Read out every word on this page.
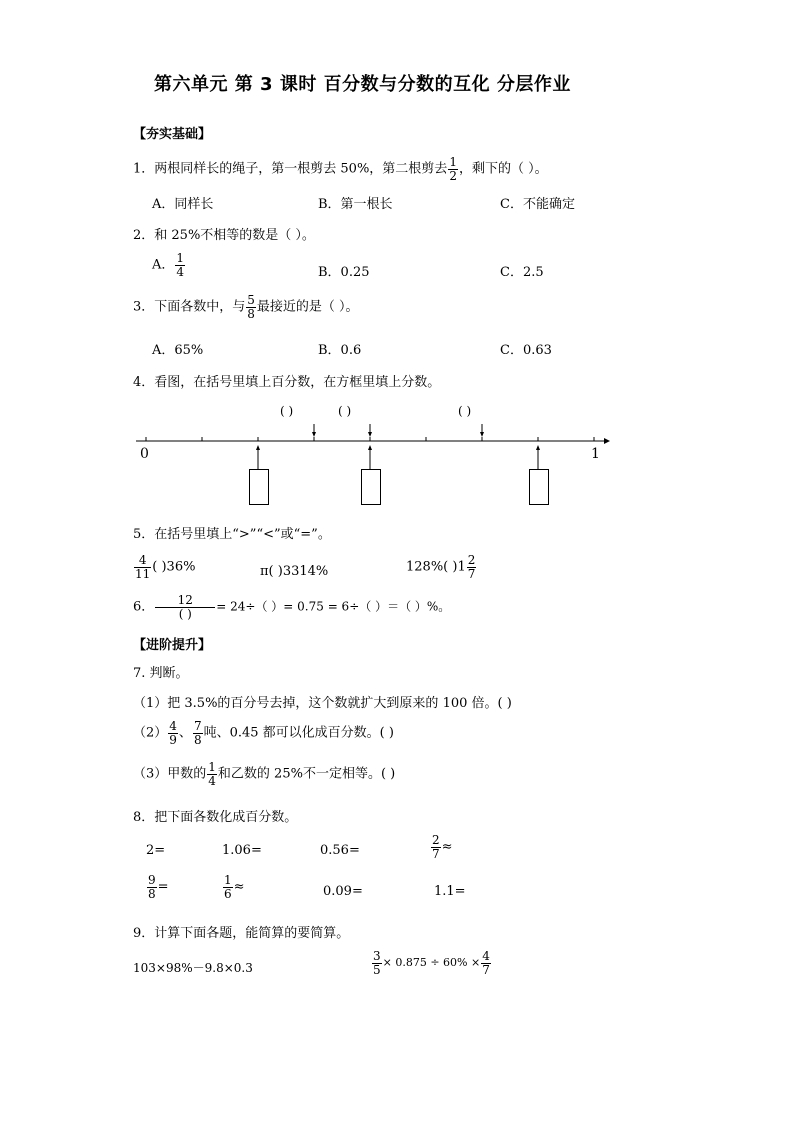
第六单元 第 3 课时 百分数与分数的互化 分层作业
【夯实基础】
1．两根同样长的绳子，第一根剪去 50%，第二根剪去 $\frac{1}{2}$ ，剩下的（ ）。
A．同样长	B．第一根长	C．不能确定
2．和 25%不相等的数是（ ）。
A． $\frac{1}{4}$	B．0.25	C．2.5
3．下面各数中，与 $\frac{5}{8}$ 最接近的是（ ）。
A．65%	B．0.6	C．0.63
4．看图，在括号里填上百分数，在方框里填上分数。
( )	( )	( )
0	1
5．在括号里填上“>”“<”或“=”。
$\frac{4}{11}$ ( )36%	π( )3314%	128%( )$1 \frac{2}{7}$
6． $\frac{12}{( )} = 24\div$（ ）= 0.75 = 6÷（ ）＝（ ）%。
【进阶提升】
7. 判断。
（1）把 3.5%的百分号去掉，这个数就扩大到原来的 100 倍。( )
$(2) \frac{4}{9}$ 、 $\frac{7}{8}$ 吨、0.45 都可以化成百分数。( )
（3）甲数的 $\frac{1}{4}$ 和乙数的 25%不一定相等。( )
8．把下面各数化成百分数。
2=	1.06=	0.56=	$\frac{2}{7}$ ≈
$\frac{9}{8}$ =	$\frac{1}{6}$ ≈	0.09=	1.1=
9．计算下面各题，能简算的要简算。
103×98%－9.8×0.3	$\frac{3}{5} \times 0.875 \div 60\% \times \frac{4}{7}$
